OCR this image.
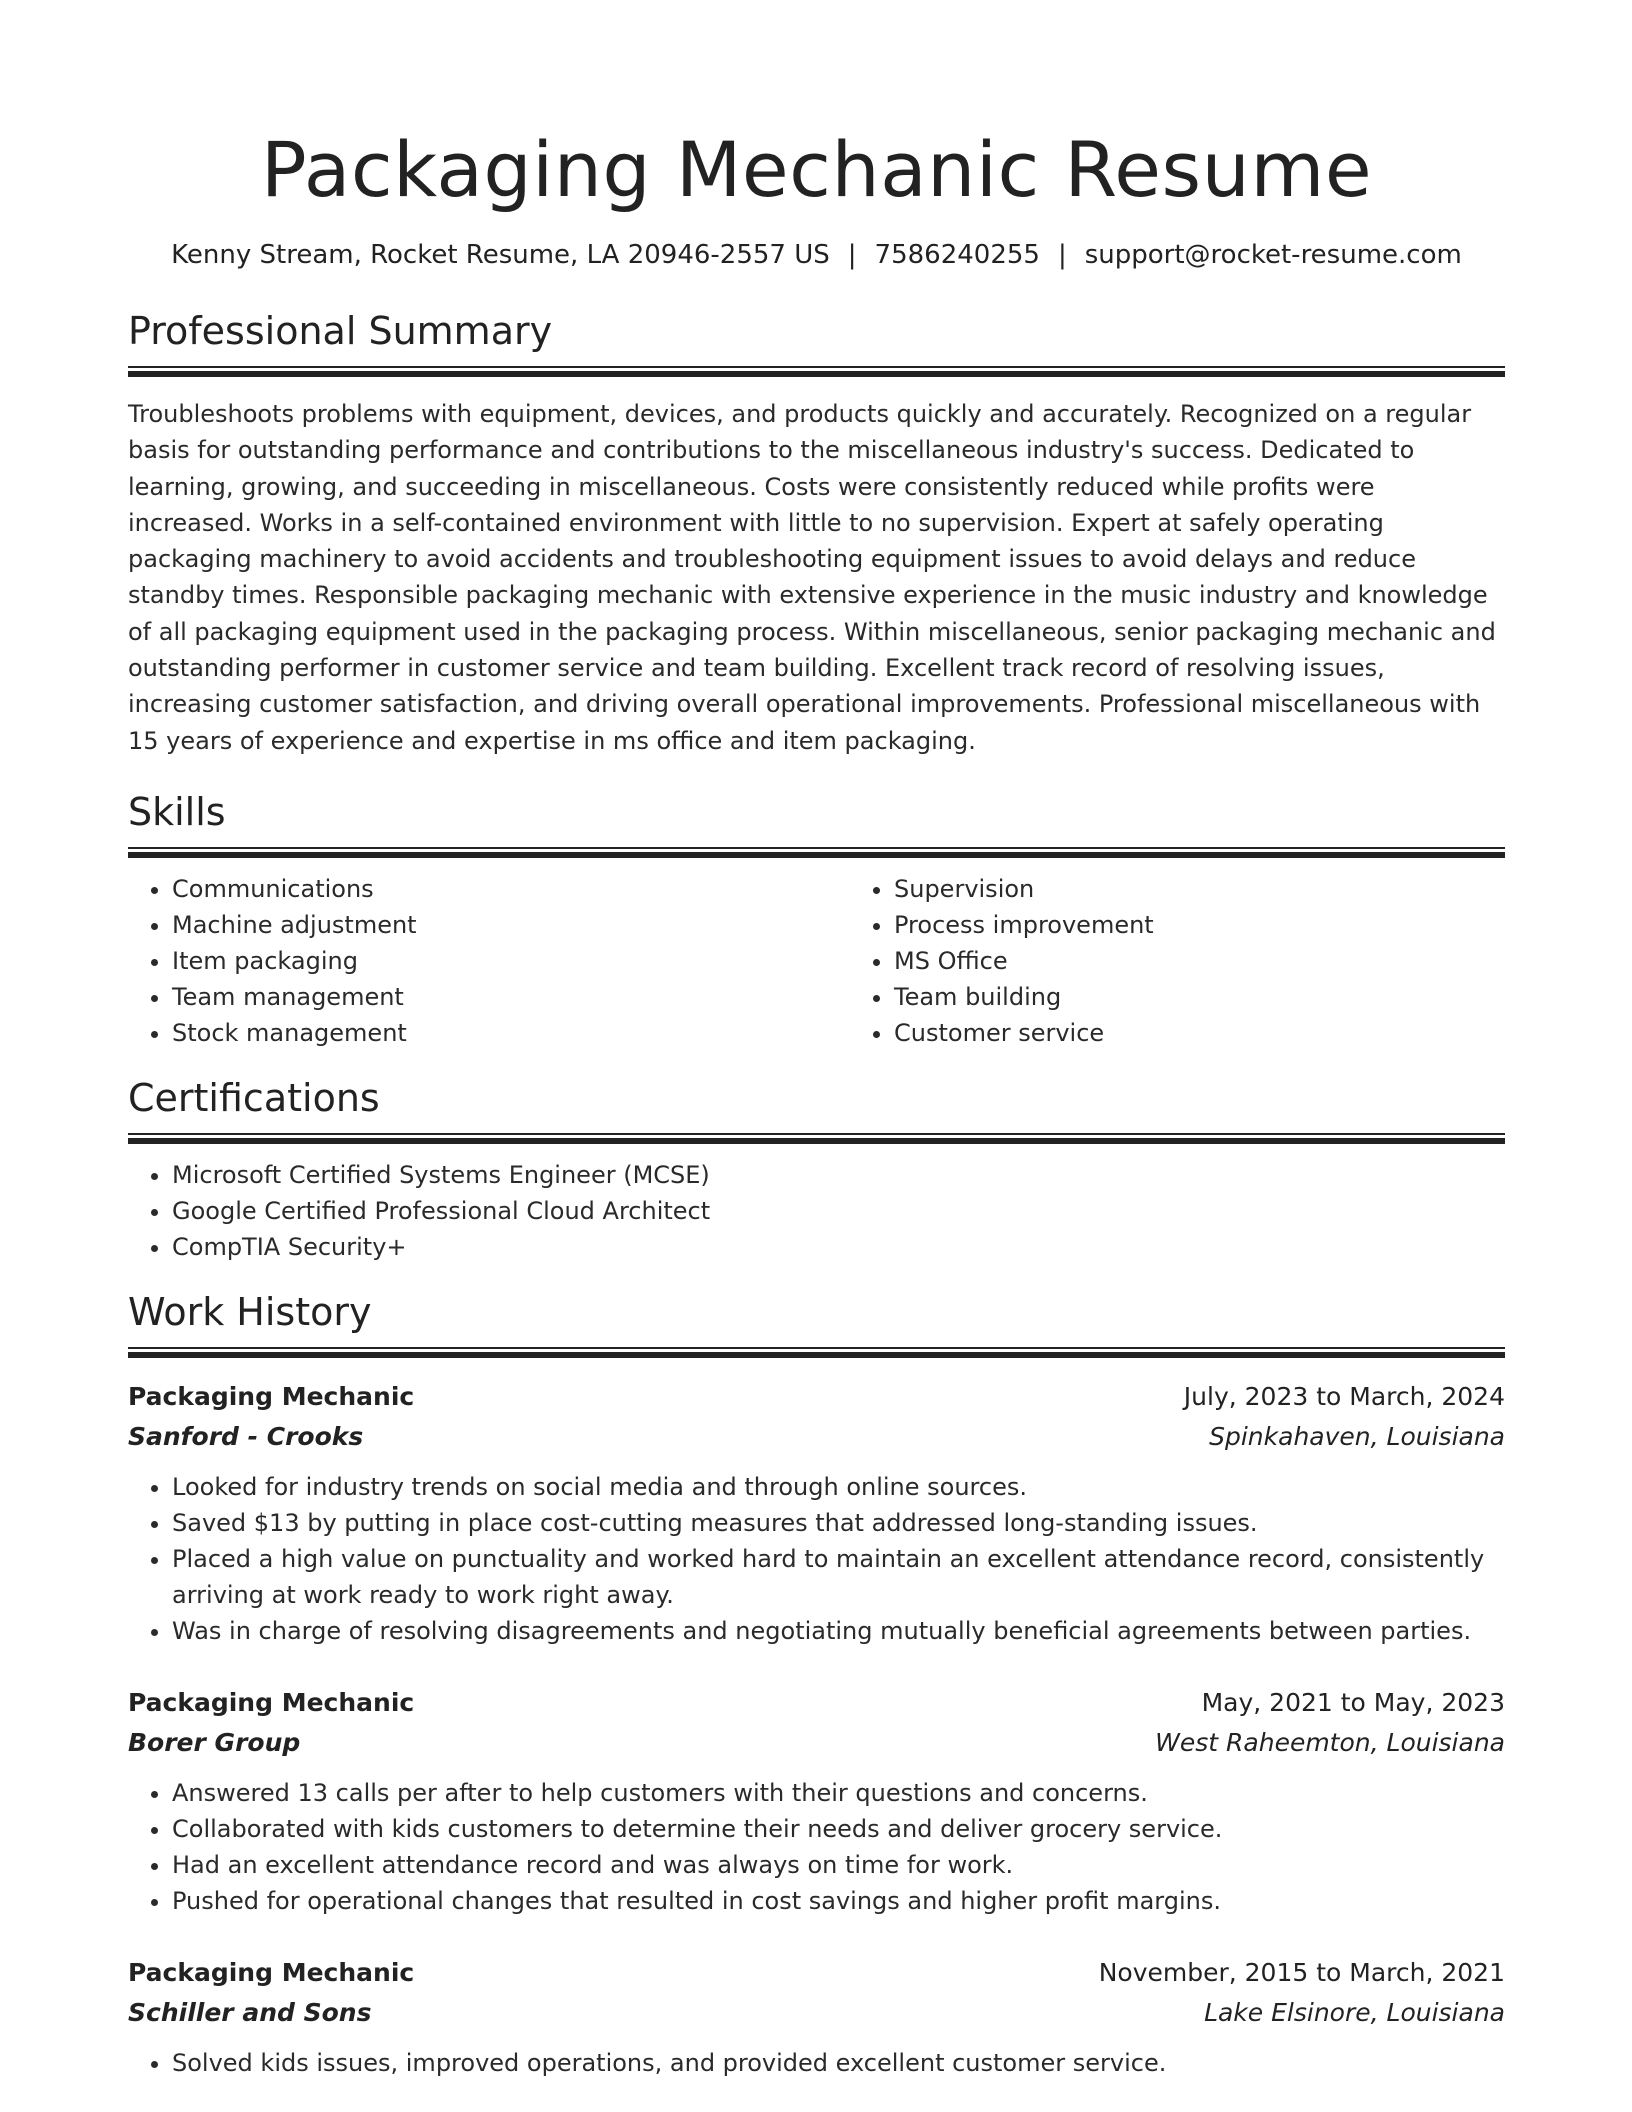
Packaging Mechanic Resume
Kenny Stream, Rocket Resume, LA 20946-2557 US | 7586240255 | support@rocket-resume.com
Professional Summary

Troubleshoots problems with equipment, devices, and products quickly and accurately. Recognized on a regular basis for outstanding performance and contributions to the miscellaneous industry's success. Dedicated to learning, growing, and succeeding in miscellaneous. Costs were consistently reduced while profits were increased. Works in a self-contained environment with little to no supervision. Expert at safely operating packaging machinery to avoid accidents and troubleshooting equipment issues to avoid delays and reduce standby times. Responsible packaging mechanic with extensive experience in the music industry and knowledge of all packaging equipment used in the packaging process. Within miscellaneous, senior packaging mechanic and outstanding performer in customer service and team building. Excellent track record of resolving issues, increasing customer satisfaction, and driving overall operational improvements. Professional miscellaneous with 15 years of experience and expertise in ms office and item packaging.

Skills
• Communications
• Machine adjustment
• Item packaging
• Team management
• Stock management
• Supervision
• Process improvement
• MS Office
• Team building
• Customer service
Certifications
• Microsoft Certified Systems Engineer (MCSE)
• Google Certified Professional Cloud Architect
• CompTIA Security+
Work History
Packaging Mechanic	July, 2023 to March, 2024
Sanford - Crooks	Spinkahaven, Louisiana
• Looked for industry trends on social media and through online sources.
• Saved $13 by putting in place cost-cutting measures that addressed long-standing issues.
• Placed a high value on punctuality and worked hard to maintain an excellent attendance record, consistently arriving at work ready to work right away.
• Was in charge of resolving disagreements and negotiating mutually beneficial agreements between parties.
Packaging Mechanic	May, 2021 to May, 2023
Borer Group	West Raheemton, Louisiana
• Answered 13 calls per after to help customers with their questions and concerns.
• Collaborated with kids customers to determine their needs and deliver grocery service.
• Had an excellent attendance record and was always on time for work.
• Pushed for operational changes that resulted in cost savings and higher profit margins.
Packaging Mechanic	November, 2015 to March, 2021
Schiller and Sons	Lake Elsinore, Louisiana
• Solved kids issues, improved operations, and provided excellent customer service.
